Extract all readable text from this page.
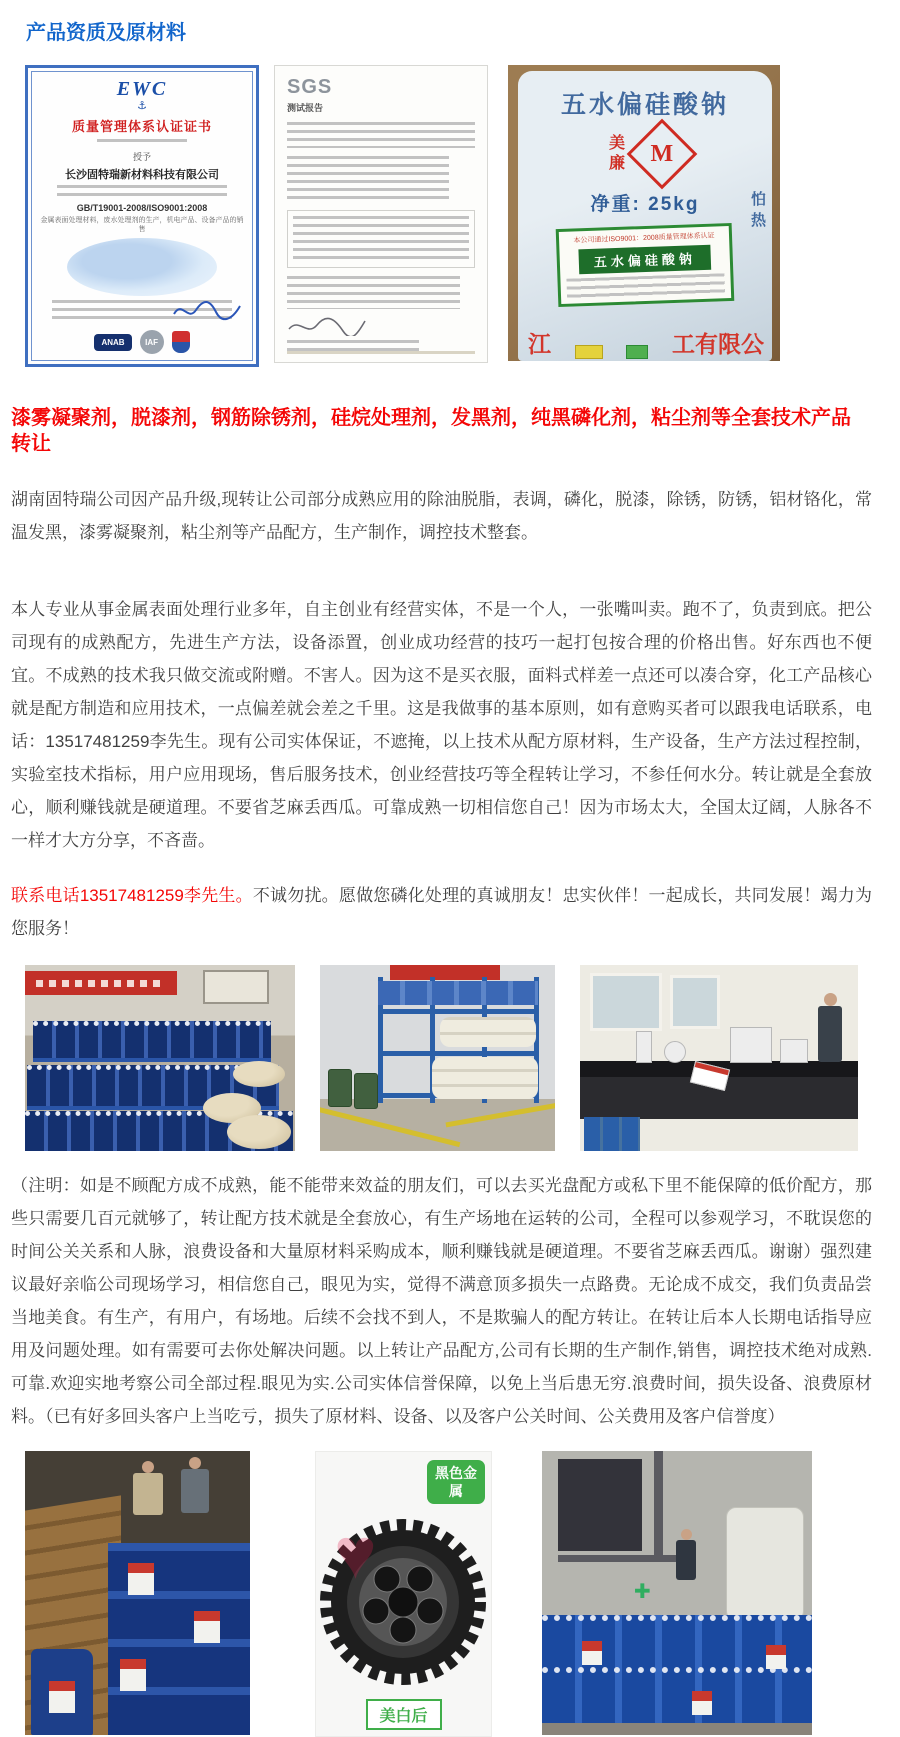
产品资质及原材料
EWC
⚓
质量管理体系认证证书
授予
长沙固特瑞新材料科技有限公司
GB/T19001-2008/ISO9001:2008
金属表面处理材料，废水处理剂的生产，机电产品、设备产品的销售
ANAB	IAF
SGS
测试报告	五水偏硅酸钠
美廉 M
净重: 25kg	怕热
本公司通过ISO9001：2008质量管理体系认证
五水偏硅酸钠
江	工有限公
漆雾凝聚剂，脱漆剂，钢筋除锈剂，硅烷处理剂，发黑剂，纯黑磷化剂，粘尘剂等全套技术产品转让

湖南固特瑞公司因产品升级,现转让公司部分成熟应用的除油脱脂，表调，磷化，脱漆，除锈，防锈，铝材铬化，常温发黑，漆雾凝聚剂，粘尘剂等产品配方，生产制作，调控技术整套。

本人专业从事金属表面处理行业多年，自主创业有经营实体，不是一个人，一张嘴叫卖。跑不了，负责到底。把公司现有的成熟配方，先进生产方法，设备添置，创业成功经营的技巧一起打包按合理的价格出售。好东西也不便宜。不成熟的技术我只做交流或附赠。不害人。因为这不是买衣服，面料式样差一点还可以凑合穿，化工产品核心就是配方制造和应用技术，一点偏差就会差之千里。这是我做事的基本原则，如有意购买者可以跟我电话联系，电话：13517481259李先生。现有公司实体保证，不遮掩，以上技术从配方原材料，生产设备，生产方法过程控制，实验室技术指标，用户应用现场，售后服务技术，创业经营技巧等全程转让学习，不参任何水分。转让就是全套放心，顺利赚钱就是硬道理。不要省芝麻丢西瓜。可靠成熟一切相信您自己！因为市场太大，全国太辽阔，人脉各不一样才大方分享，不吝啬。

联系电话13517481259李先生。不诚勿扰。愿做您磷化处理的真诚朋友！忠实伙伴！一起成长，共同发展！竭力为您服务！

（注明：如是不顾配方成不成熟，能不能带来效益的朋友们，可以去买光盘配方或私下里不能保障的低价配方，那些只需要几百元就够了，转让配方技术就是全套放心，有生产场地在运转的公司，全程可以参观学习，不耽误您的时间公关关系和人脉，浪费设备和大量原材料采购成本，顺利赚钱就是硬道理。不要省芝麻丢西瓜。谢谢）强烈建议最好亲临公司现场学习，相信您自己，眼见为实，觉得不满意顶多损失一点路费。无论成不成交，我们负责品尝当地美食。有生产，有用户，有场地。后续不会找不到人，不是欺骗人的配方转让。在转让后本人长期电话指导应用及问题处理。如有需要可去你处解决问题。以上转让产品配方,公司有长期的生产制作,销售，调控技术绝对成熟.可靠.欢迎实地考察公司全部过程.眼见为实.公司实体信誉保障，以免上当后患无穷.浪费时间，损失设备、浪费原材料。（已有好多回头客户上当吃亏，损失了原材料、设备、以及客户公关时间、公关费用及客户信誉度）

♥
黑色金属
美白后
✚
